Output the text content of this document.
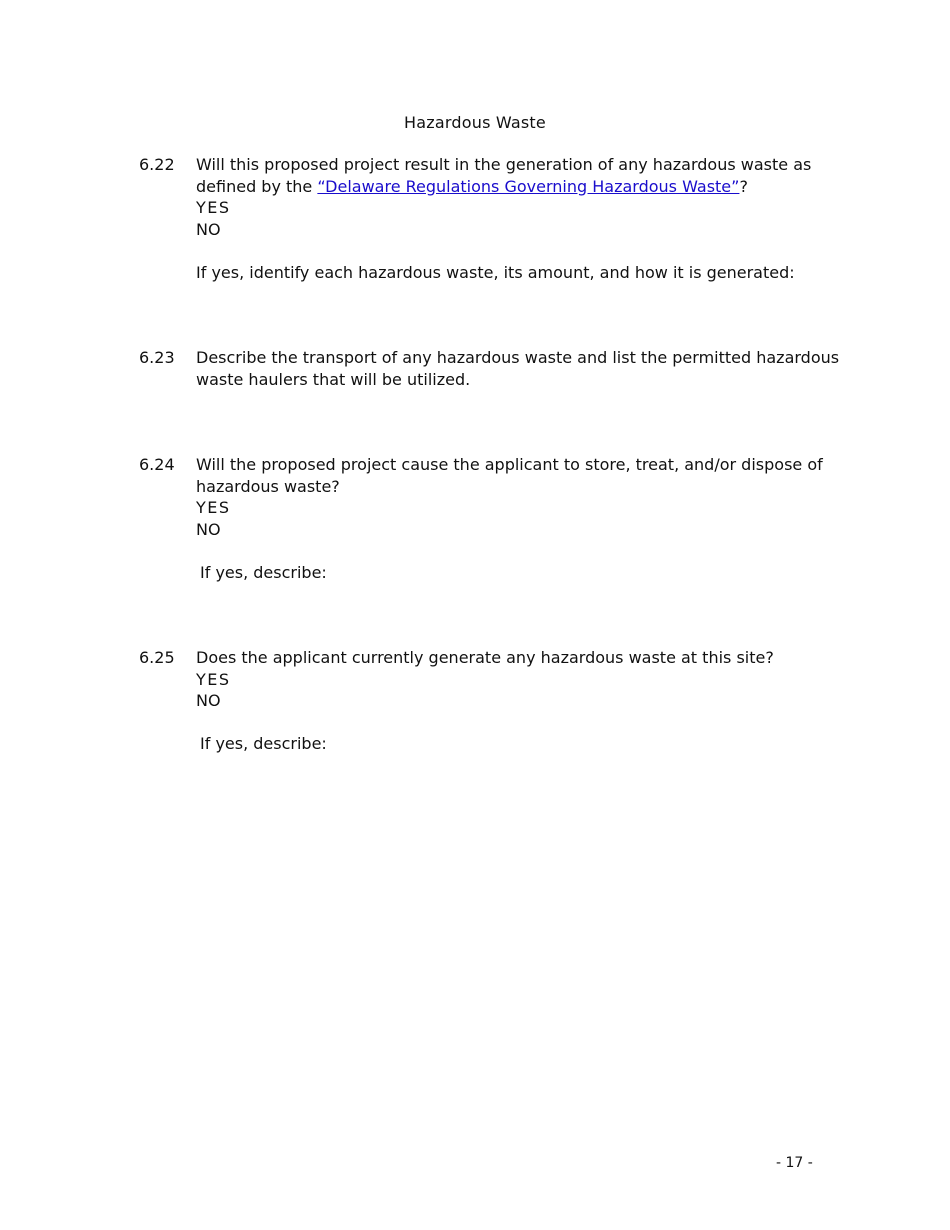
Hazardous Waste
6.22	Will this proposed project result in the generation of any hazardous waste as
defined by the “Delaware Regulations Governing Hazardous Waste”?
YES
NO
If yes, identify each hazardous waste, its amount, and how it is generated:
6.23	Describe the transport of any hazardous waste and list the permitted hazardous
waste haulers that will be utilized.
6.24	Will the proposed project cause the applicant to store, treat, and/or dispose of
hazardous waste?
YES
NO
If yes, describe:
6.25	Does the applicant currently generate any hazardous waste at this site?
YES
NO
If yes, describe:
- 17 -
